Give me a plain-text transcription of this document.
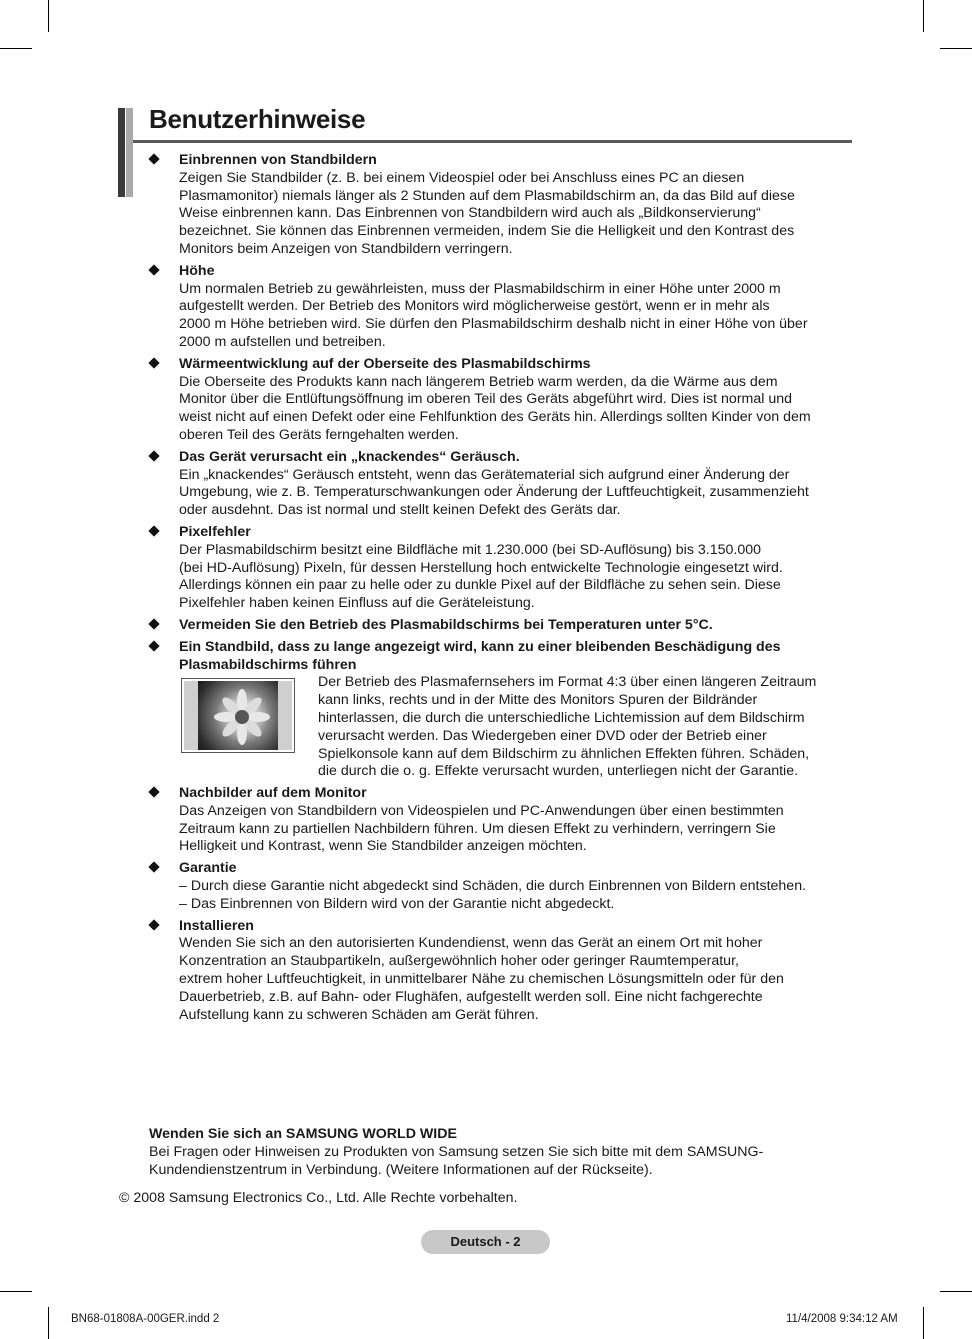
Benutzerhinweise

Einbrennen von Standbildern

Zeigen Sie Standbilder (z. B. bei einem Videospiel oder bei Anschluss eines PC an diesen
Plasmamonitor) niemals länger als 2 Stunden auf dem Plasmabildschirm an, da das Bild auf diese
Weise einbrennen kann. Das Einbrennen von Standbildern wird auch als „Bildkonservierung“
bezeichnet. Sie können das Einbrennen vermeiden, indem Sie die Helligkeit und den Kontrast des
Monitors beim Anzeigen von Standbildern verringern.

Höhe

Um normalen Betrieb zu gewährleisten, muss der Plasmabildschirm in einer Höhe unter 2000 m
aufgestellt werden. Der Betrieb des Monitors wird möglicherweise gestört, wenn er in mehr als
2000 m Höhe betrieben wird. Sie dürfen den Plasmabildschirm deshalb nicht in einer Höhe von über
2000 m aufstellen und betreiben.

Wärmeentwicklung auf der Oberseite des Plasmabildschirms

Die Oberseite des Produkts kann nach längerem Betrieb warm werden, da die Wärme aus dem
Monitor über die Entlüftungsöffnung im oberen Teil des Geräts abgeführt wird. Dies ist normal und
weist nicht auf einen Defekt oder eine Fehlfunktion des Geräts hin. Allerdings sollten Kinder von dem
oberen Teil des Geräts ferngehalten werden.

Das Gerät verursacht ein „knackendes“ Geräusch.

Ein „knackendes“ Geräusch entsteht, wenn das Gerätematerial sich aufgrund einer Änderung der
Umgebung, wie z. B. Temperaturschwankungen oder Änderung der Luftfeuchtigkeit, zusammenzieht
oder ausdehnt. Das ist normal und stellt keinen Defekt des Geräts dar.

Pixelfehler

Der Plasmabildschirm besitzt eine Bildfläche mit 1.230.000 (bei SD-Auflösung) bis 3.150.000
(bei HD-Auflösung) Pixeln, für dessen Herstellung hoch entwickelte Technologie eingesetzt wird.
Allerdings können ein paar zu helle oder zu dunkle Pixel auf der Bildfläche zu sehen sein. Diese
Pixelfehler haben keinen Einfluss auf die Geräteleistung.

Vermeiden Sie den Betrieb des Plasmabildschirms bei Temperaturen unter 5°C.

Ein Standbild, dass zu lange angezeigt wird, kann zu einer bleibenden Beschädigung des
Plasmabildschirms führen

Der Betrieb des Plasmafernsehers im Format 4:3 über einen längeren Zeitraum
kann links, rechts und in der Mitte des Monitors Spuren der Bildränder
hinterlassen, die durch die unterschiedliche Lichtemission auf dem Bildschirm
verursacht werden. Das Wiedergeben einer DVD oder der Betrieb einer
Spielkonsole kann auf dem Bildschirm zu ähnlichen Effekten führen. Schäden,
die durch die o. g. Effekte verursacht wurden, unterliegen nicht der Garantie.

Nachbilder auf dem Monitor

Das Anzeigen von Standbildern von Videospielen und PC-Anwendungen über einen bestimmten
Zeitraum kann zu partiellen Nachbildern führen. Um diesen Effekt zu verhindern, verringern Sie
Helligkeit und Kontrast, wenn Sie Standbilder anzeigen möchten.

Garantie

– Durch diese Garantie nicht abgedeckt sind Schäden, die durch Einbrennen von Bildern entstehen.
– Das Einbrennen von Bildern wird von der Garantie nicht abgedeckt.

Installieren

Wenden Sie sich an den autorisierten Kundendienst, wenn das Gerät an einem Ort mit hoher
Konzentration an Staubpartikeln, außergewöhnlich hoher oder geringer Raumtemperatur,
extrem hoher Luftfeuchtigkeit, in unmittelbarer Nähe zu chemischen Lösungsmitteln oder für den
Dauerbetrieb, z.B. auf Bahn- oder Flughäfen, aufgestellt werden soll. Eine nicht fachgerechte
Aufstellung kann zu schweren Schäden am Gerät führen.

Wenden Sie sich an SAMSUNG WORLD WIDE

Bei Fragen oder Hinweisen zu Produkten von Samsung setzen Sie sich bitte mit dem SAMSUNG-
Kundendienstzentrum in Verbindung. (Weitere Informationen auf der Rückseite).

© 2008 Samsung Electronics Co., Ltd. Alle Rechte vorbehalten.
Deutsch - 2
BN68-01808A-00GER.indd 2	11/4/2008 9:34:12 AM
